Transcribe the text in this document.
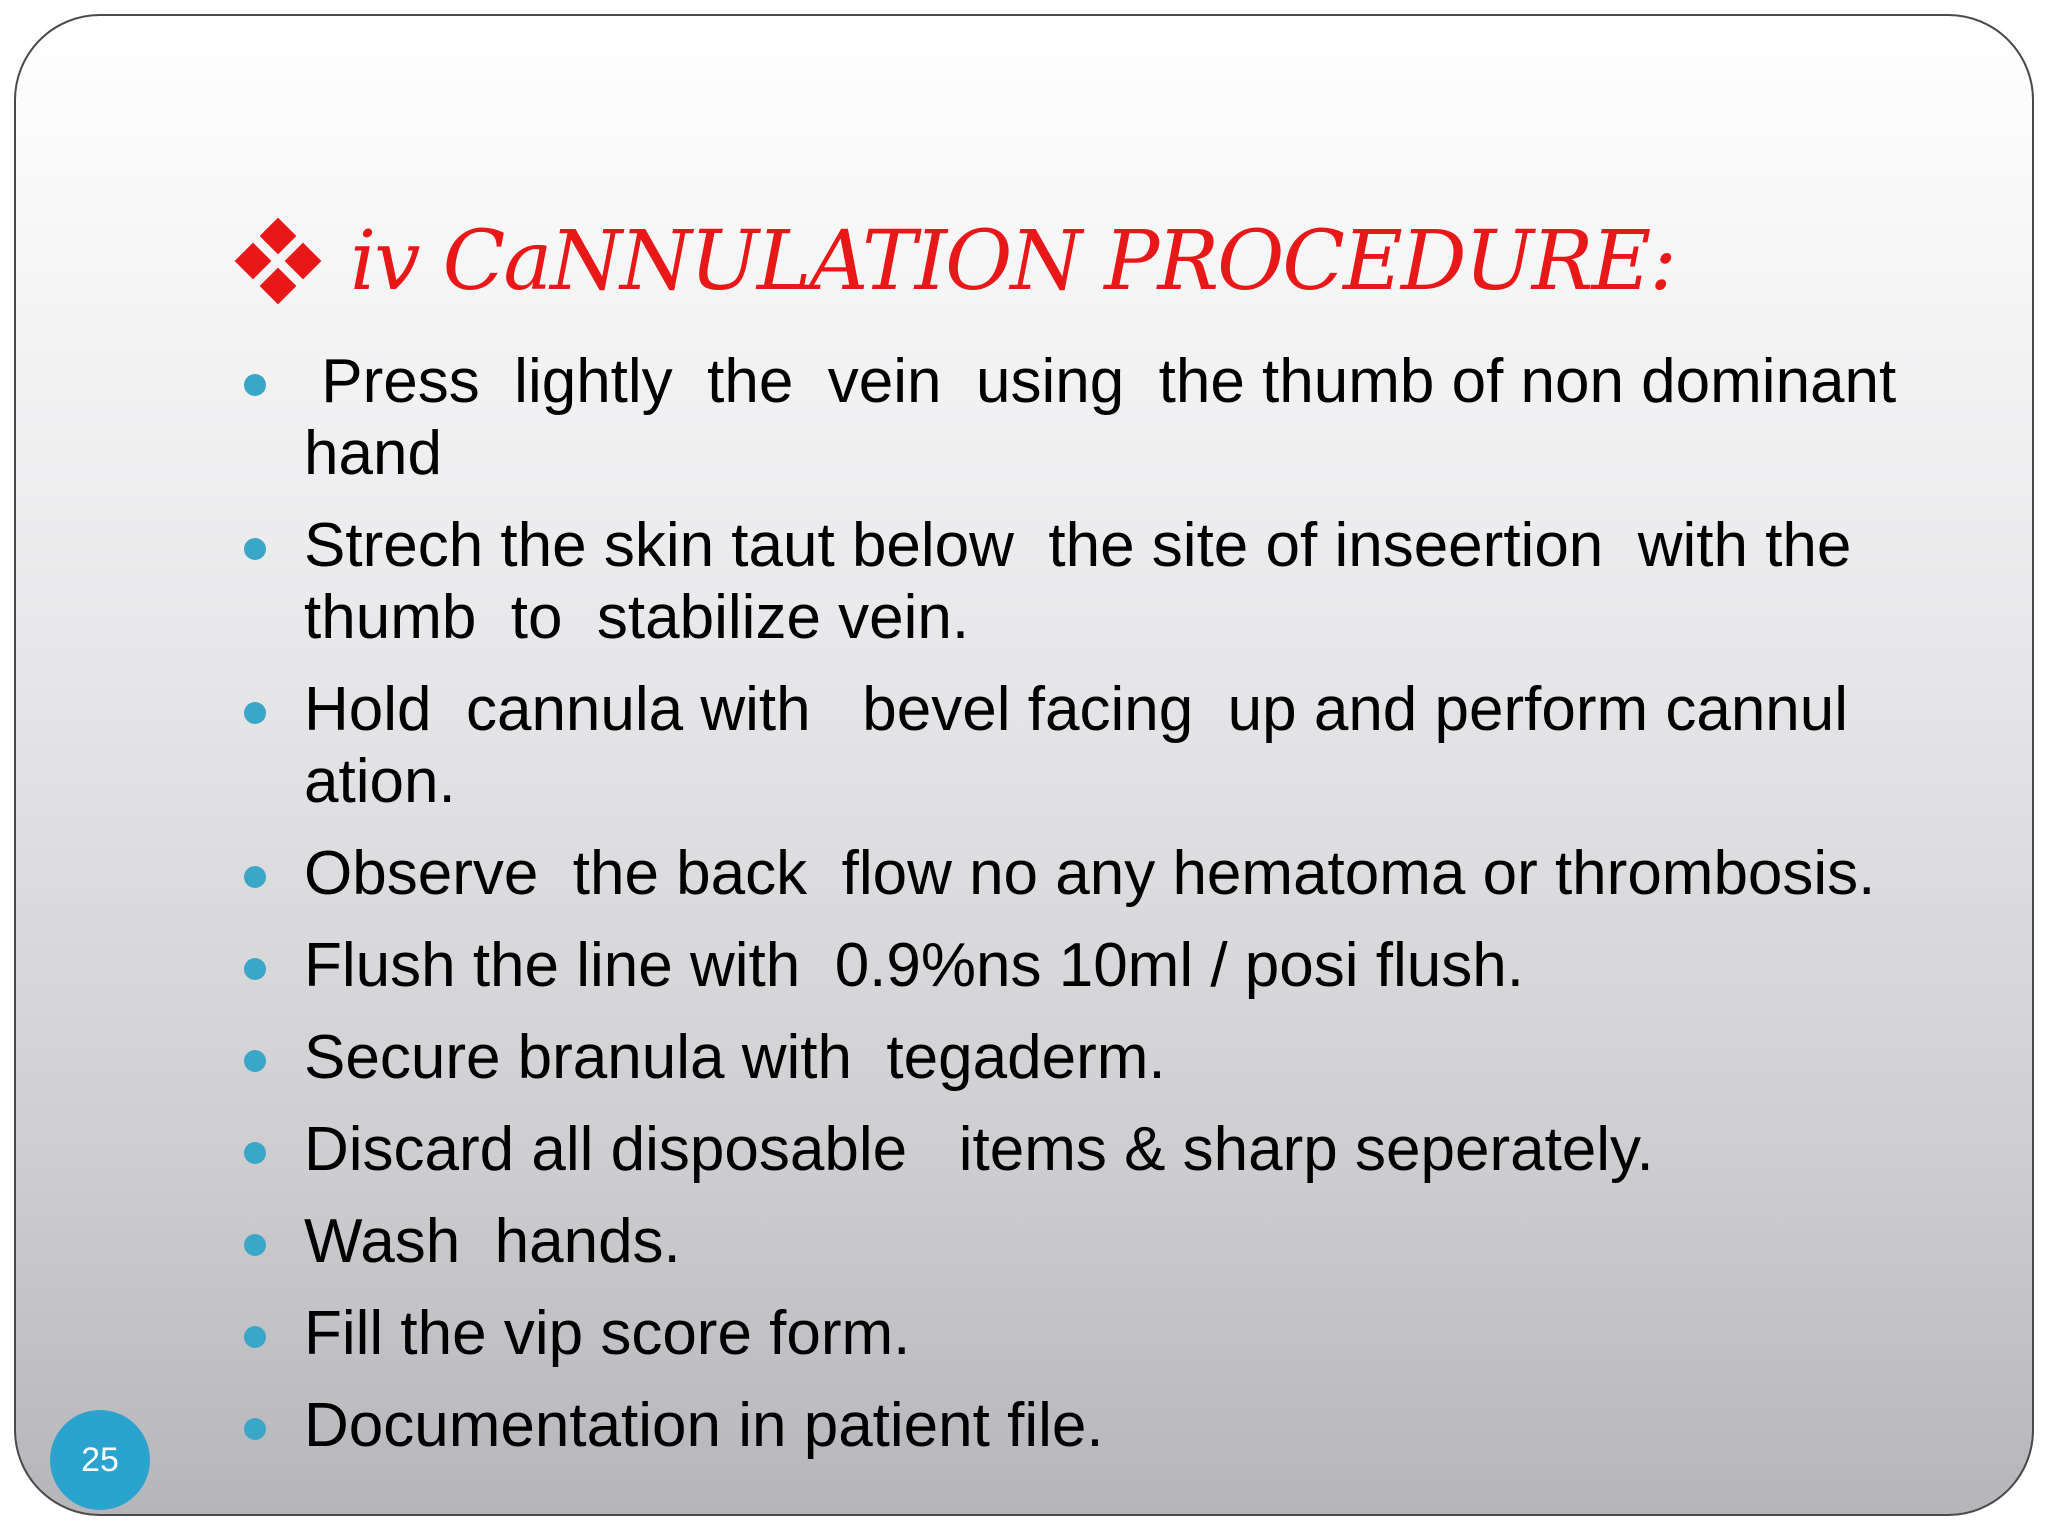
iv CaNNULATION PROCEDURE:
Press  lightly  the  vein  using  the thumb of non dominant hand
Strech the skin taut below  the site of inseertion  with the  thumb  to  stabilize vein.
Hold  cannula with   bevel facing  up and perform cannul ation.
Observe  the back  flow no any hematoma or thrombosis.
Flush the line with  0.9%ns 10ml / posi flush.
Secure branula with  tegaderm.
Discard all disposable   items & sharp seperately.
Wash  hands.
Fill the vip score form.
Documentation in patient file.
25
